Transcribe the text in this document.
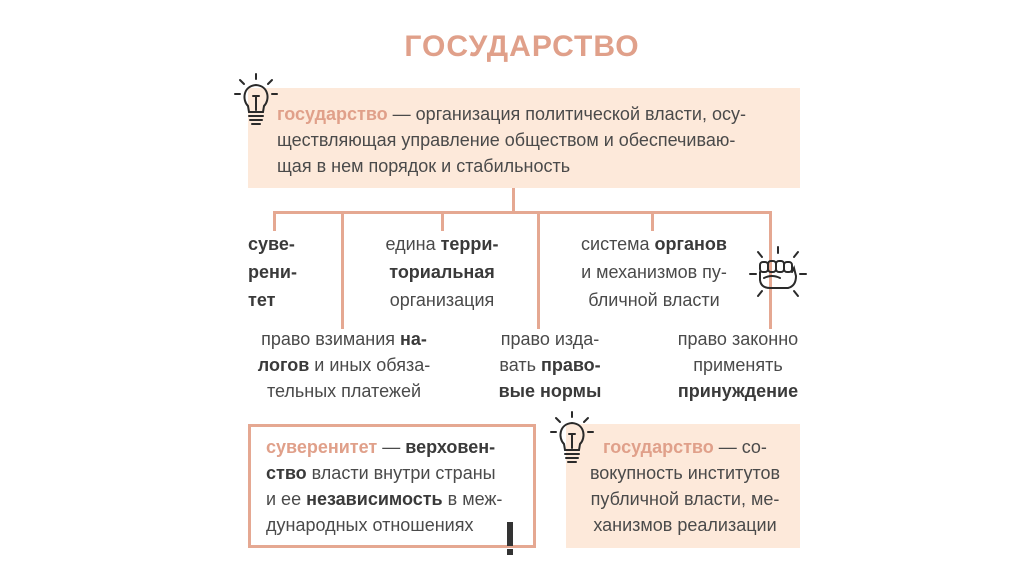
ГОСУДАРСТВО
государство — организация политической власти, осу-
ществляющая управление обществом и обеспечиваю-
щая в нем порядок и стабильность
суве-
рени-
тет
едина терри-
ториальная
организация
система органов
и механизмов пу-
бличной власти
право взимания на-
логов и иных обяза-
тельных платежей
право изда-
вать право-
вые нормы
право законно
применять
принуждение
суверенитет — верховен-
ство власти внутри страны
и ее независимость в меж-
дународных отношениях
государство — со-
вокупность институтов
публичной власти, ме-
ханизмов реализации
